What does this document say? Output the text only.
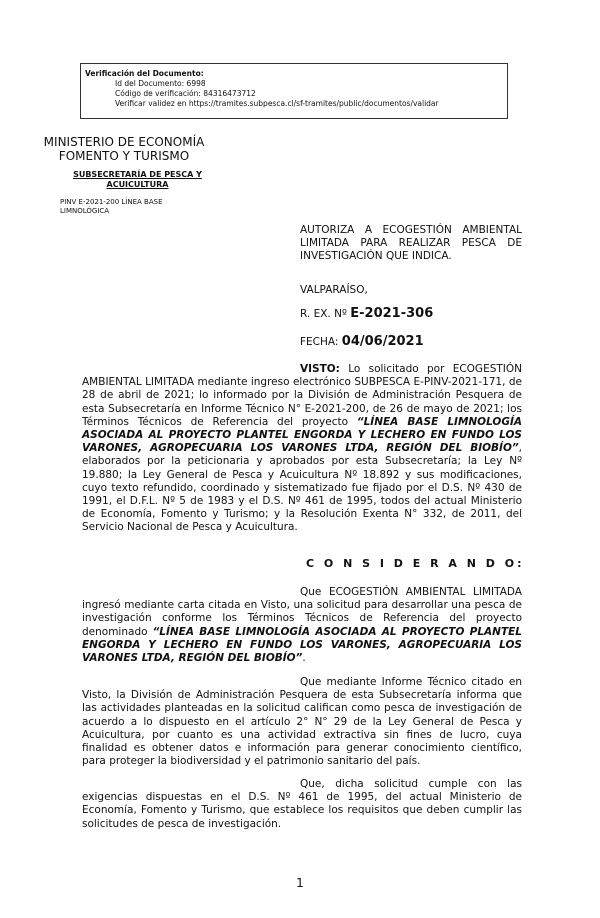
Verificación del Documento:
• Id del Documento: 6998
• Código de verificación: 84316473712
• Verificar validez en https://tramites.subpesca.cl/sf-tramites/public/documentos/validar
MINISTERIO DE ECONOMÍA
FOMENTO Y TURISMO
SUBSECRETARÍA DE PESCA Y ACUICULTURA
PINV E-2021-200 LÍNEA BASE LIMNOLÓGICA
AUTORIZA A ECOGESTIÓN AMBIENTAL LIMITADA PARA REALIZAR PESCA DE INVESTIGACIÓN QUE INDICA.
VALPARAÍSO,
R. EX. Nº E-2021-306
FECHA: 04/06/2021
VISTO: Lo solicitado por ECOGESTIÓN AMBIENTAL LIMITADA mediante ingreso electrónico SUBPESCA E-PINV-2021-171, de 28 de abril de 2021; lo informado por la División de Administración Pesquera de esta Subsecretaría en Informe Técnico N° E-2021-200, de 26 de mayo de 2021; los Términos Técnicos de Referencia del proyecto “LÍNEA BASE LIMNOLOGÍA ASOCIADA AL PROYECTO PLANTEL ENGORDA Y LECHERO EN FUNDO LOS VARONES, AGROPECUARIA LOS VARONES LTDA, REGIÓN DEL BIOBÍO”, elaborados por la peticionaria y aprobados por esta Subsecretaría; la Ley Nº 19.880; la Ley General de Pesca y Acuicultura Nº 18.892 y sus modificaciones, cuyo texto refundido, coordinado y sistematizado fue fijado por el D.S. Nº 430 de 1991, el D.F.L. Nº 5 de 1983 y el D.S. Nº 461 de 1995, todos del actual Ministerio de Economía, Fomento y Turismo; y la Resolución Exenta N° 332, de 2011, del Servicio Nacional de Pesca y Acuicultura.
C O N S I D E R A N D O:
Que ECOGESTIÓN AMBIENTAL LIMITADA ingresó mediante carta citada en Visto, una solicitud para desarrollar una pesca de investigación conforme los Términos Técnicos de Referencia del proyecto denominado “LÍNEA BASE LIMNOLOGÍA ASOCIADA AL PROYECTO PLANTEL ENGORDA Y LECHERO EN FUNDO LOS VARONES, AGROPECUARIA LOS VARONES LTDA, REGIÓN DEL BIOBÍO”.
Que mediante Informe Técnico citado en Visto, la División de Administración Pesquera de esta Subsecretaría informa que las actividades planteadas en la solicitud califican como pesca de investigación de acuerdo a lo dispuesto en el artículo 2° N° 29 de la Ley General de Pesca y Acuicultura, por cuanto es una actividad extractiva sin fines de lucro, cuya finalidad es obtener datos e información para generar conocimiento científico, para proteger la biodiversidad y el patrimonio sanitario del país.
Que, dicha solicitud cumple con las exigencias dispuestas en el D.S. Nº 461 de 1995, del actual Ministerio de Economía, Fomento y Turismo, que establece los requisitos que deben cumplir las solicitudes de pesca de investigación.
1
